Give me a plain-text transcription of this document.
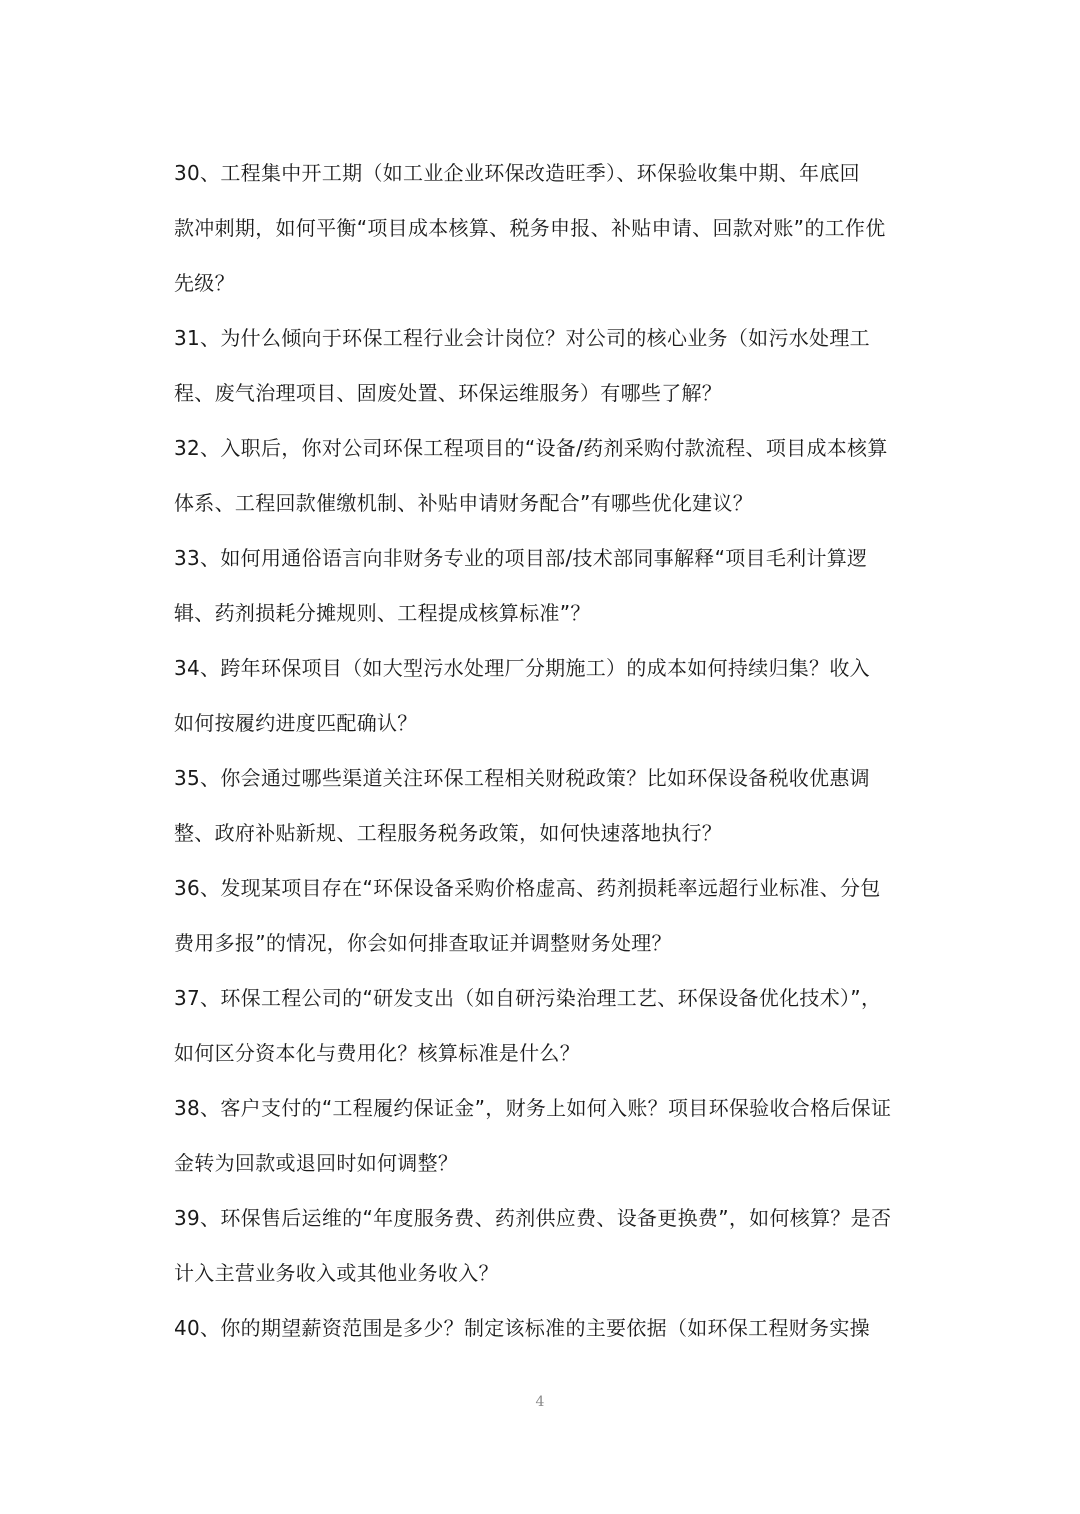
30、工程集中开工期（如工业企业环保改造旺季）、环保验收集中期、年底回
款冲刺期，如何平衡“项目成本核算、税务申报、补贴申请、回款对账”的工作优
先级？

31、为什么倾向于环保工程行业会计岗位？对公司的核心业务（如污水处理工
程、废气治理项目、固废处置、环保运维服务）有哪些了解？

32、入职后，你对公司环保工程项目的“设备/药剂采购付款流程、项目成本核算
体系、工程回款催缴机制、补贴申请财务配合”有哪些优化建议？

33、如何用通俗语言向非财务专业的项目部/技术部同事解释“项目毛利计算逻
辑、药剂损耗分摊规则、工程提成核算标准”？

34、跨年环保项目（如大型污水处理厂分期施工）的成本如何持续归集？收入
如何按履约进度匹配确认？

35、你会通过哪些渠道关注环保工程相关财税政策？比如环保设备税收优惠调
整、政府补贴新规、工程服务税务政策，如何快速落地执行？

36、发现某项目存在“环保设备采购价格虚高、药剂损耗率远超行业标准、分包
费用多报”的情况，你会如何排查取证并调整财务处理？

37、环保工程公司的“研发支出（如自研污染治理工艺、环保设备优化技术）”，
如何区分资本化与费用化？核算标准是什么？

38、客户支付的“工程履约保证金”，财务上如何入账？项目环保验收合格后保证
金转为回款或退回时如何调整？

39、环保售后运维的“年度服务费、药剂供应费、设备更换费”，如何核算？是否
计入主营业务收入或其他业务收入？

40、你的期望薪资范围是多少？制定该标准的主要依据（如环保工程财务实操

4
